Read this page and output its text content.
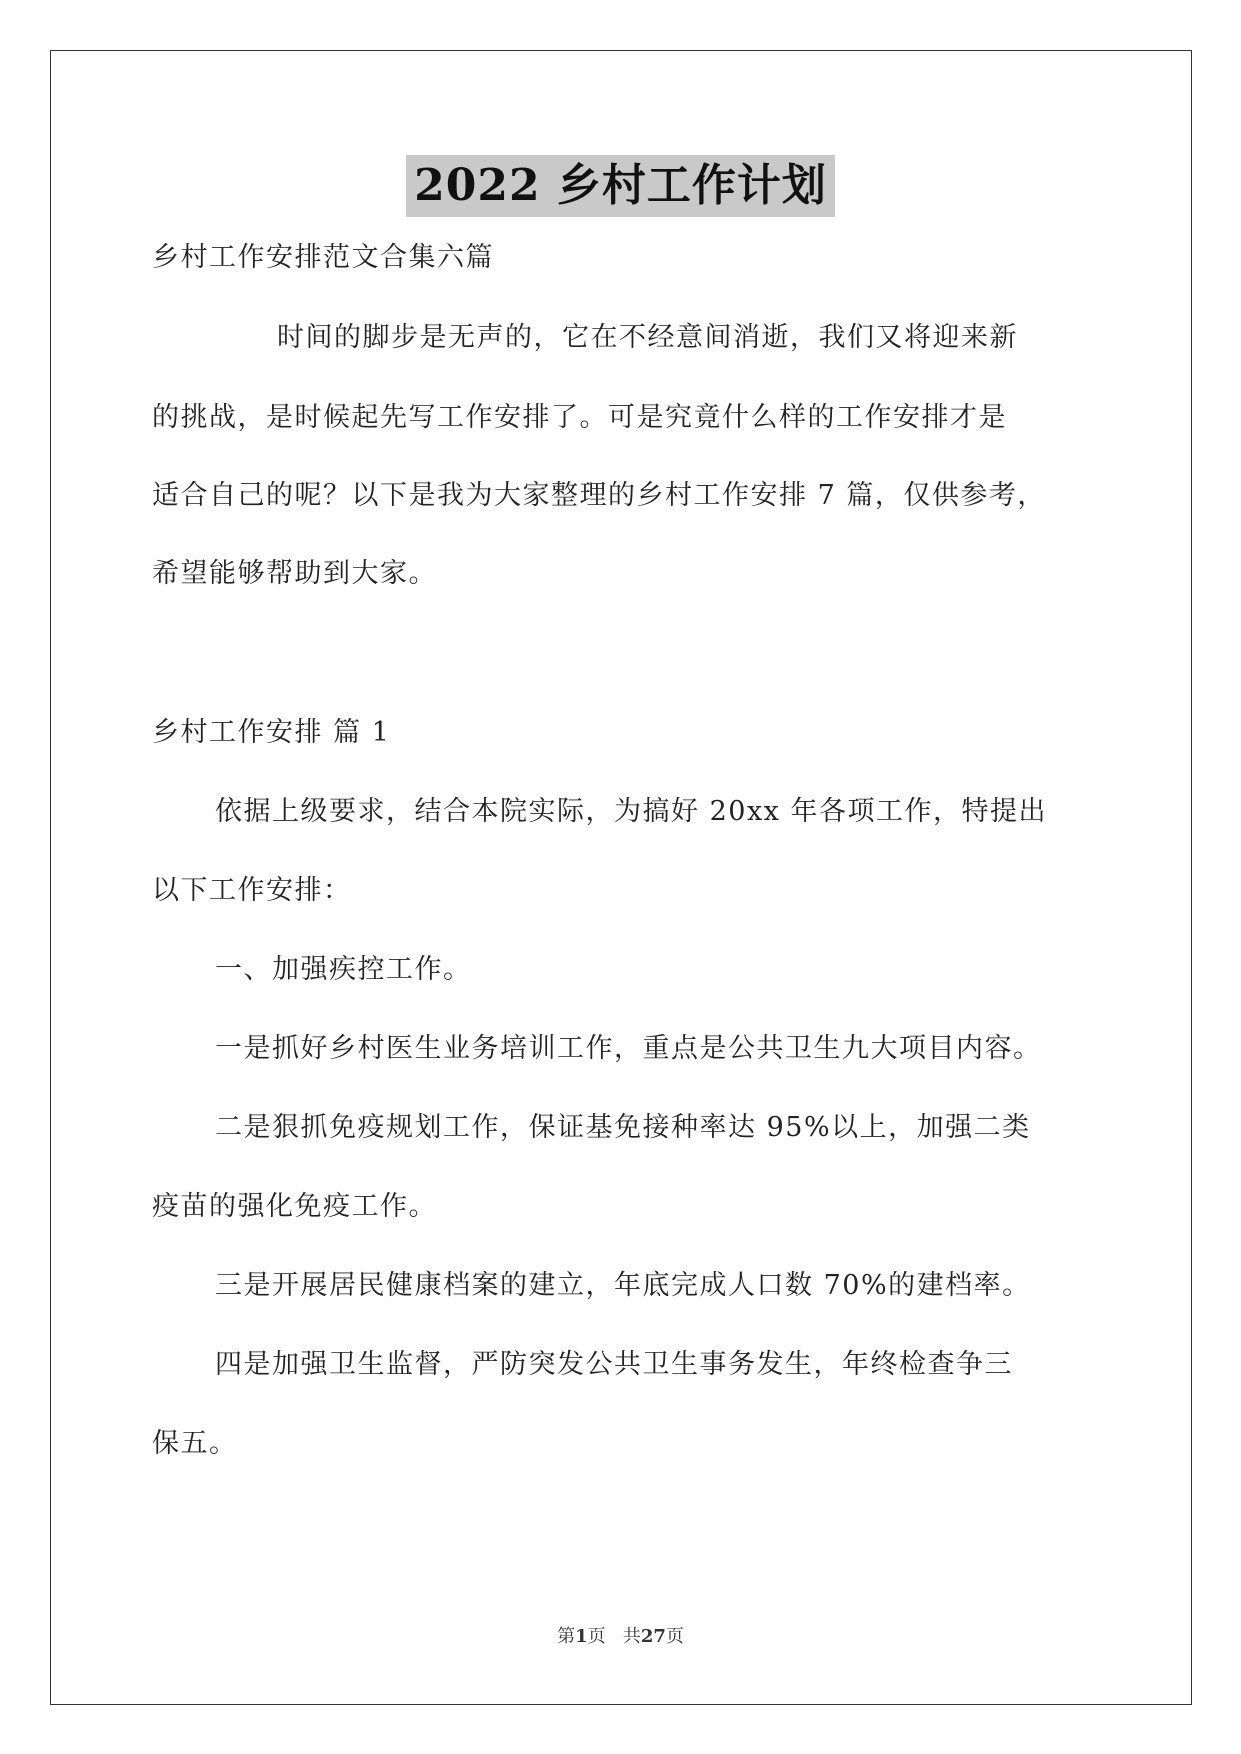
2022 乡村工作计划
乡村工作安排范文合集六篇
时间的脚步是无声的，它在不经意间消逝，我们又将迎来新
的挑战，是时候起先写工作安排了。可是究竟什么样的工作安排才是
适合自己的呢？以下是我为大家整理的乡村工作安排 7 篇，仅供参考，
希望能够帮助到大家。
乡村工作安排 篇 1
依据上级要求，结合本院实际，为搞好 20xx 年各项工作，特提出
以下工作安排：
一、加强疾控工作。
一是抓好乡村医生业务培训工作，重点是公共卫生九大项目内容。
二是狠抓免疫规划工作，保证基免接种率达 95%以上，加强二类
疫苗的强化免疫工作。
三是开展居民健康档案的建立，年底完成人口数 70%的建档率。
四是加强卫生监督，严防突发公共卫生事务发生，年终检查争三
保五。
第1页 共27页
